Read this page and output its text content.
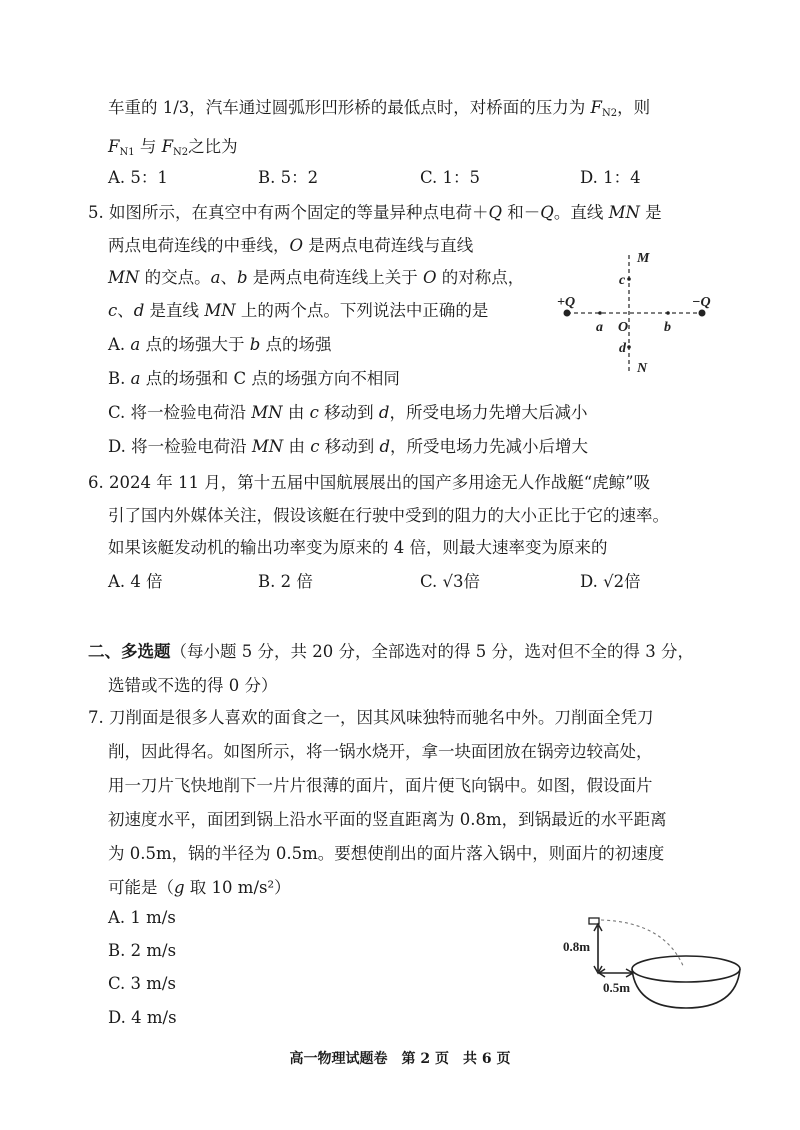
车重的 1/3，汽车通过圆弧形凹形桥的最低点时，对桥面的压力为 $F_{N2}$，则
$F_{N1}$ 与 $F_{N2}$之比为
A. 5：1	B. 5：2	C. 1：5	D. 1：4
5. 如图所示，在真空中有两个固定的等量异种点电荷＋Q 和－Q。直线 MN 是
两点电荷连线的中垂线，O 是两点电荷连线与直线
MN 的交点。a、b 是两点电荷连线上关于 O 的对称点，
c、d 是直线 MN 上的两个点。下列说法中正确的是
A. a 点的场强大于 b 点的场强
B. a 点的场强和 C 点的场强方向不相同
C. 将一检验电荷沿 MN 由 c 移动到 d，所受电场力先增大后减小
D. 将一检验电荷沿 MN 由 c 移动到 d，所受电场力先减小后增大
6. 2024 年 11 月，第十五届中国航展展出的国产多用途无人作战艇“虎鲸”吸
引了国内外媒体关注，假设该艇在行驶中受到的阻力的大小正比于它的速率。
如果该艇发动机的输出功率变为原来的 4 倍，则最大速率变为原来的
A. 4 倍	B. 2 倍	C. √3倍	D. √2倍
二、多选题（每小题 5 分，共 20 分，全部选对的得 5 分，选对但不全的得 3 分，
选错或不选的得 0 分）
7. 刀削面是很多人喜欢的面食之一，因其风味独特而驰名中外。刀削面全凭刀
削，因此得名。如图所示，将一锅水烧开，拿一块面团放在锅旁边较高处，
用一刀片飞快地削下一片片很薄的面片，面片便飞向锅中。如图，假设面片
初速度水平，面团到锅上沿水平面的竖直距离为 0.8m，到锅最近的水平距离
为 0.5m，锅的半径为 0.5m。要想使削出的面片落入锅中，则面片的初速度
可能是（g 取 10 m/s²）
A. 1 m/s
B. 2 m/s
C. 3 m/s
D. 4 m/s
+Q	−Q
M
N
a	b
O
c
d
0.8m
0.5m
高一物理试题卷　第 2 页　共 6 页
